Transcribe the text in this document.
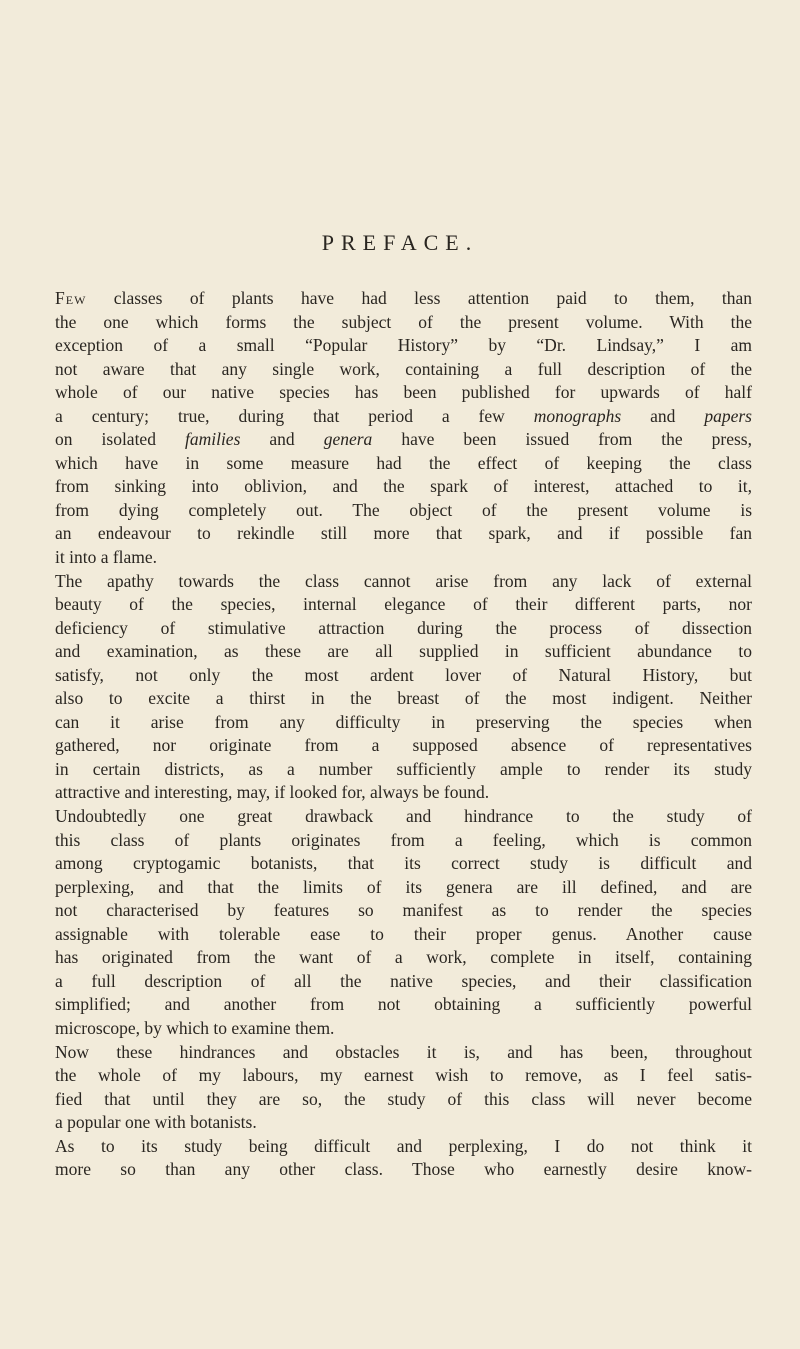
PREFACE.

Few classes of plants have had less attention paid to them, than
the one which forms the subject of the present volume. With the
exception of a small “Popular History” by “Dr. Lindsay,” I am
not aware that any single work, containing a full description of the
whole of our native species has been published for upwards of half
a century; true, during that period a few monographs and papers
on isolated families and genera have been issued from the press,
which have in some measure had the effect of keeping the class
from sinking into oblivion, and the spark of interest, attached to it,
from dying completely out. The object of the present volume is
an endeavour to rekindle still more that spark, and if possible fan
it into a flame.

The apathy towards the class cannot arise from any lack of external
beauty of the species, internal elegance of their different parts, nor
deficiency of stimulative attraction during the process of dissection
and examination, as these are all supplied in sufficient abundance to
satisfy, not only the most ardent lover of Natural History, but
also to excite a thirst in the breast of the most indigent. Neither
can it arise from any difficulty in preserving the species when
gathered, nor originate from a supposed absence of representatives
in certain districts, as a number sufficiently ample to render its study
attractive and interesting, may, if looked for, always be found.

Undoubtedly one great drawback and hindrance to the study of
this class of plants originates from a feeling, which is common
among cryptogamic botanists, that its correct study is difficult and
perplexing, and that the limits of its genera are ill defined, and are
not characterised by features so manifest as to render the species
assignable with tolerable ease to their proper genus. Another cause
has originated from the want of a work, complete in itself, containing
a full description of all the native species, and their classification
simplified; and another from not obtaining a sufficiently powerful
microscope, by which to examine them.

Now these hindrances and obstacles it is, and has been, throughout
the whole of my labours, my earnest wish to remove, as I feel satis-
fied that until they are so, the study of this class will never become
a popular one with botanists.

As to its study being difficult and perplexing, I do not think it
more so than any other class. Those who earnestly desire know-
